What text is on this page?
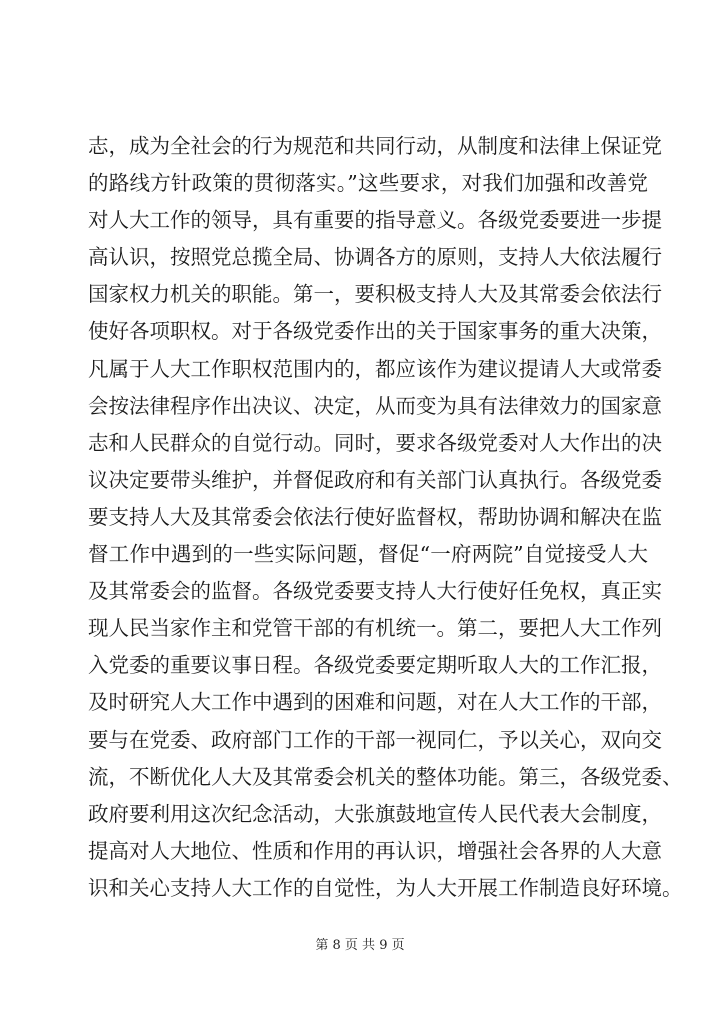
志，成为全社会的行为规范和共同行动，从制度和法律上保证党
的路线方针政策的贯彻落实。”这些要求，对我们加强和改善党
对人大工作的领导，具有重要的指导意义。各级党委要进一步提
高认识，按照党总揽全局、协调各方的原则，支持人大依法履行
国家权力机关的职能。第一，要积极支持人大及其常委会依法行
使好各项职权。对于各级党委作出的关于国家事务的重大决策，
凡属于人大工作职权范围内的，都应该作为建议提请人大或常委
会按法律程序作出决议、决定，从而变为具有法律效力的国家意
志和人民群众的自觉行动。同时，要求各级党委对人大作出的决
议决定要带头维护，并督促政府和有关部门认真执行。各级党委
要支持人大及其常委会依法行使好监督权，帮助协调和解决在监
督工作中遇到的一些实际问题，督促“一府两院”自觉接受人大
及其常委会的监督。各级党委要支持人大行使好任免权，真正实
现人民当家作主和党管干部的有机统一。第二，要把人大工作列
入党委的重要议事日程。各级党委要定期听取人大的工作汇报，
及时研究人大工作中遇到的困难和问题，对在人大工作的干部，
要与在党委、政府部门工作的干部一视同仁，予以关心，双向交
流，不断优化人大及其常委会机关的整体功能。第三，各级党委、
政府要利用这次纪念活动，大张旗鼓地宣传人民代表大会制度，
提高对人大地位、性质和作用的再认识，增强社会各界的人大意
识和关心支持人大工作的自觉性，为人大开展工作制造良好环境。
第 8 页 共 9 页
